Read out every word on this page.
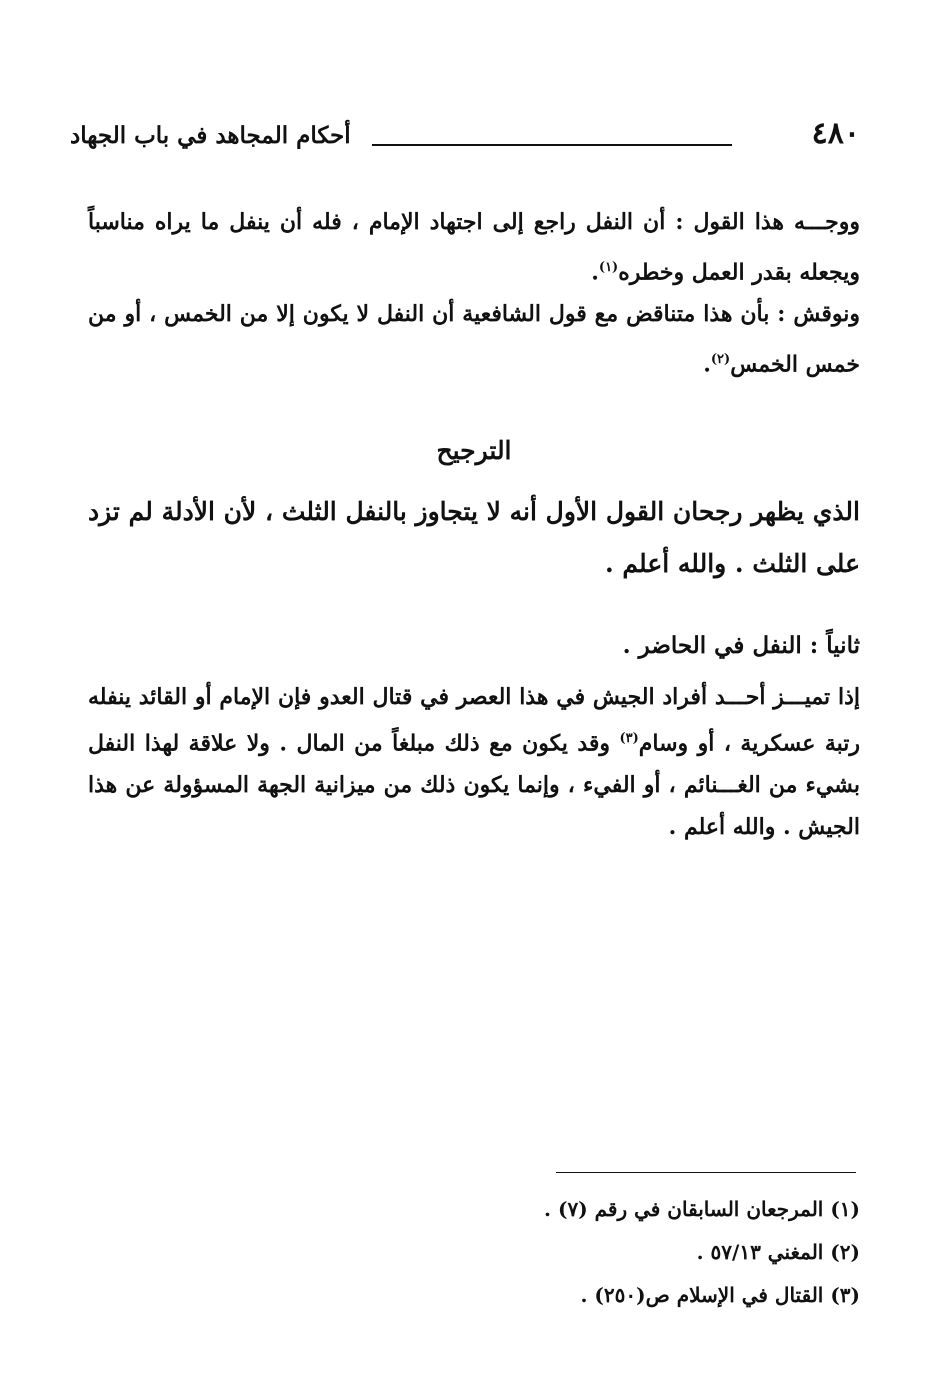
٤٨٠
أحكام المجاهد في باب الجهاد
ووجـــه هذا القول : أن النفل راجع إلى اجتهاد الإمام ، فله أن ينفل ما يراه مناسباً ويجعله بقدر العمل وخطره$^{(١)}$.
ونوقش : بأن هذا متناقض مع قول الشافعية أن النفل لا يكون إلا من الخمس ، أو من خمس الخمس$^{(٢)}$.
الترجيح
الذي يظهر رجحان القول الأول أنه لا يتجاوز بالنفل الثلث ، لأن الأدلة لم تزد على الثلث . والله أعلم .
ثانياً : النفل في الحاضر .
إذا تميـــز أحـــد أفراد الجيش في هذا العصر في قتال العدو فإن الإمام أو القائد ينفله رتبة عسكرية ، أو وسام$^{(٣)}$ وقد يكون مع ذلك مبلغاً من المال . ولا علاقة لهذا النفل بشيء من الغـــنائم ، أو الفيء ، وإنما يكون ذلك من ميزانية الجهة المسؤولة عن هذا الجيش . والله أعلم .
(١) المرجعان السابقان في رقم (٧) .
(٢) المغني ٥٧/١٣ .
(٣) القتال في الإسلام ص(٢٥٠) .
